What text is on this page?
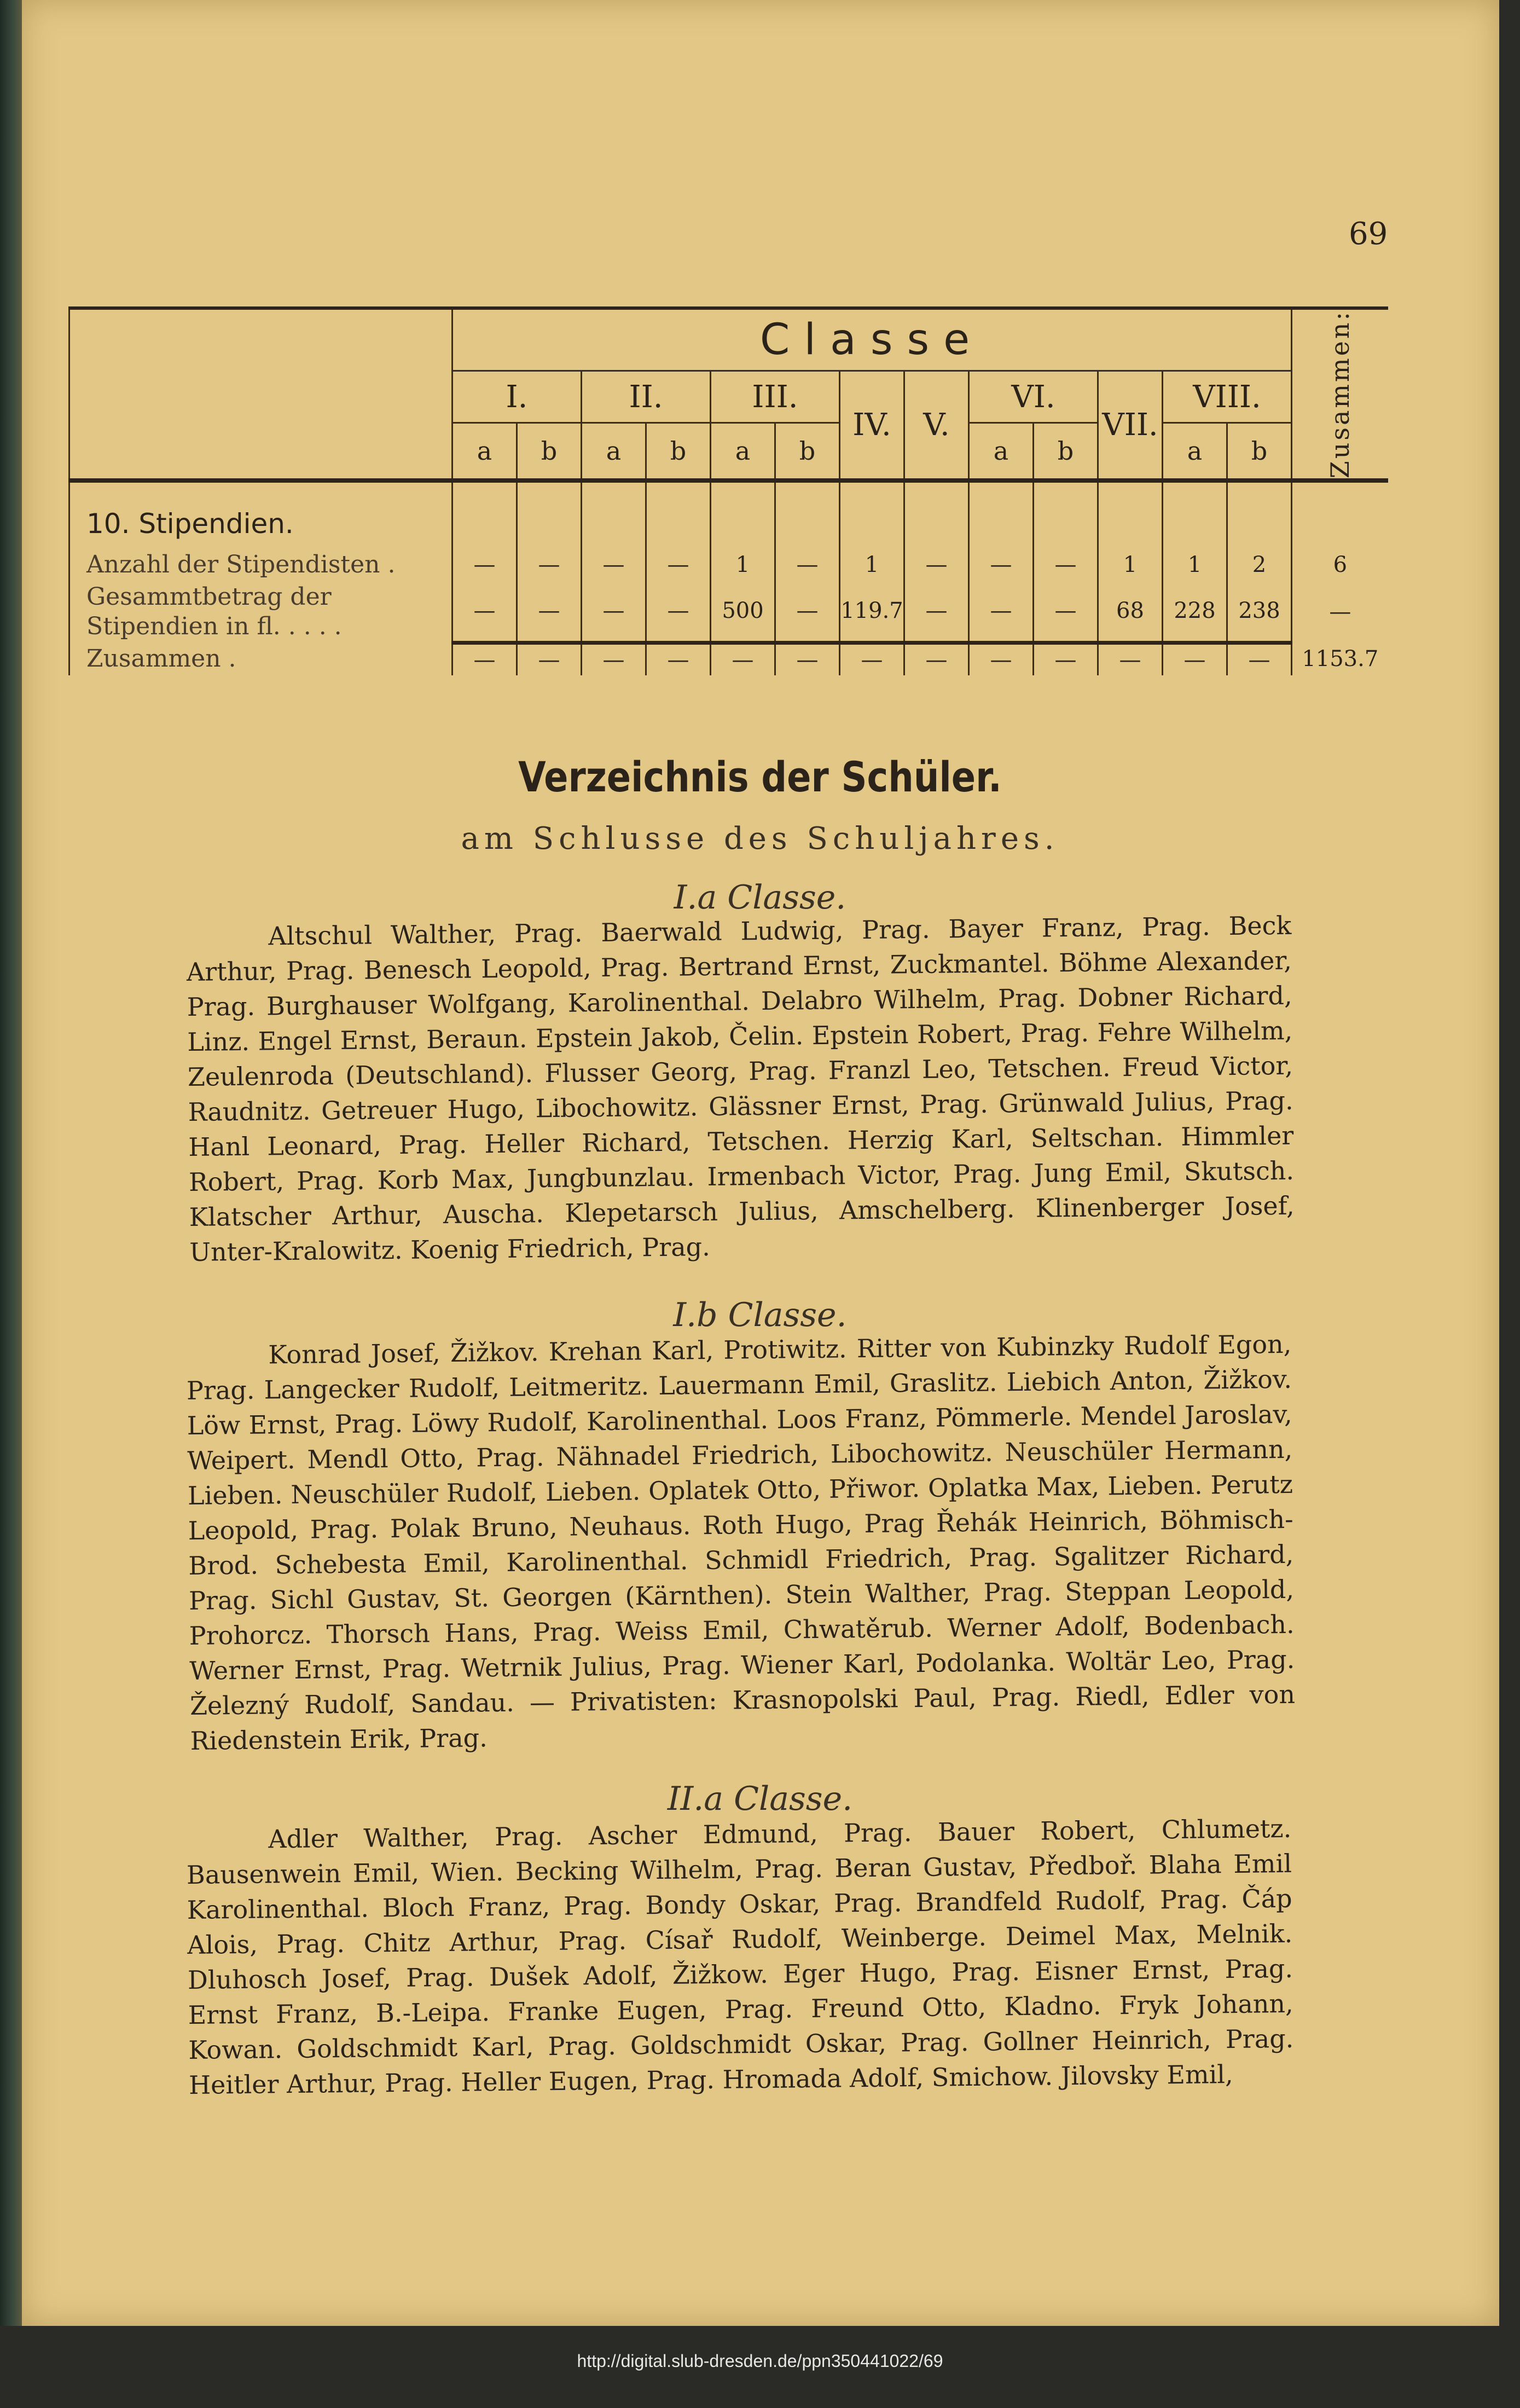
69
	Classe													Zusammen:

	I.		II.		III.		IV.	V.	VI.		VII.	VIII.		
	a	b	a	b	a	b			a	b		a	b	
10. Stipendien.														
Anzahl der Stipendisten .	—	—	—	—	1	—	1	—	—	—	1	1	2	6
Gesammtbetrag der Stipendien in fl. . . . .	—	—	—	—	500	—	119.7	—	—	—	68	228	238	—
Zusammen .	—	—	—	—	—	—	—	—	—	—	—	—	—	1153.7
Verzeichnis der Schüler.
am Schlusse des Schuljahres.
I.a Classe.
Altschul Walther, Prag. Baerwald Ludwig, Prag. Bayer Franz, Prag. Beck Arthur, Prag. Benesch Leopold, Prag. Bertrand Ernst, Zuckmantel. Böhme Alexander, Prag. Burghauser Wolfgang, Karolinenthal. Delabro Wilhelm, Prag. Dobner Richard, Linz. Engel Ernst, Beraun. Epstein Jakob, Čelin. Epstein Robert, Prag. Fehre Wilhelm, Zeulenroda (Deutschland). Flusser Georg, Prag. Franzl Leo, Tetschen. Freud Victor, Raudnitz. Getreuer Hugo, Libochowitz. Glässner Ernst, Prag. Grünwald Julius, Prag. Hanl Leonard, Prag. Heller Richard, Tetschen. Herzig Karl, Seltschan. Himmler Robert, Prag. Korb Max, Jungbunzlau. Irmenbach Victor, Prag. Jung Emil, Skutsch. Klatscher Arthur, Auscha. Klepetarsch Julius, Amschelberg. Klinenberger Josef, Unter-Kralowitz. Koenig Friedrich, Prag.
I.b Classe.
Konrad Josef, Žižkov. Krehan Karl, Protiwitz. Ritter von Kubinzky Rudolf Egon, Prag. Langecker Rudolf, Leitmeritz. Lauermann Emil, Graslitz. Liebich Anton, Žižkov. Löw Ernst, Prag. Löwy Rudolf, Karolinenthal. Loos Franz, Pömmerle. Mendel Jaroslav, Weipert. Mendl Otto, Prag. Nähnadel Friedrich, Libochowitz. Neuschüler Hermann, Lieben. Neuschüler Rudolf, Lieben. Oplatek Otto, Přiwor. Oplatka Max, Lieben. Perutz Leopold, Prag. Polak Bruno, Neuhaus. Roth Hugo, Prag Řehák Heinrich, Böhmisch-Brod. Schebesta Emil, Karolinenthal. Schmidl Friedrich, Prag. Sgalitzer Richard, Prag. Sichl Gustav, St. Georgen (Kärnthen). Stein Walther, Prag. Steppan Leopold, Prohorcz. Thorsch Hans, Prag. Weiss Emil, Chwatěrub. Werner Adolf, Bodenbach. Werner Ernst, Prag. Wetrnik Julius, Prag. Wiener Karl, Podolanka. Woltär Leo, Prag. Železný Rudolf, Sandau. — Privatisten: Krasnopolski Paul, Prag. Riedl, Edler von Riedenstein Erik, Prag.
II.a Classe.
Adler Walther, Prag. Ascher Edmund, Prag. Bauer Robert, Chlumetz. Bausenwein Emil, Wien. Becking Wilhelm, Prag. Beran Gustav, Předboř. Blaha Emil Karolinenthal. Bloch Franz, Prag. Bondy Oskar, Prag. Brandfeld Rudolf, Prag. Čáp Alois, Prag. Chitz Arthur, Prag. Císař Rudolf, Weinberge. Deimel Max, Melnik. Dluhosch Josef, Prag. Dušek Adolf, Žižkow. Eger Hugo, Prag. Eisner Ernst, Prag. Ernst Franz, B.-Leipa. Franke Eugen, Prag. Freund Otto, Kladno. Fryk Johann, Kowan. Goldschmidt Karl, Prag. Goldschmidt Oskar, Prag. Gollner Heinrich, Prag. Heitler Arthur, Prag. Heller Eugen, Prag. Hromada Adolf, Smichow. Jilovsky Emil,
http://digital.slub-dresden.de/ppn350441022/69
